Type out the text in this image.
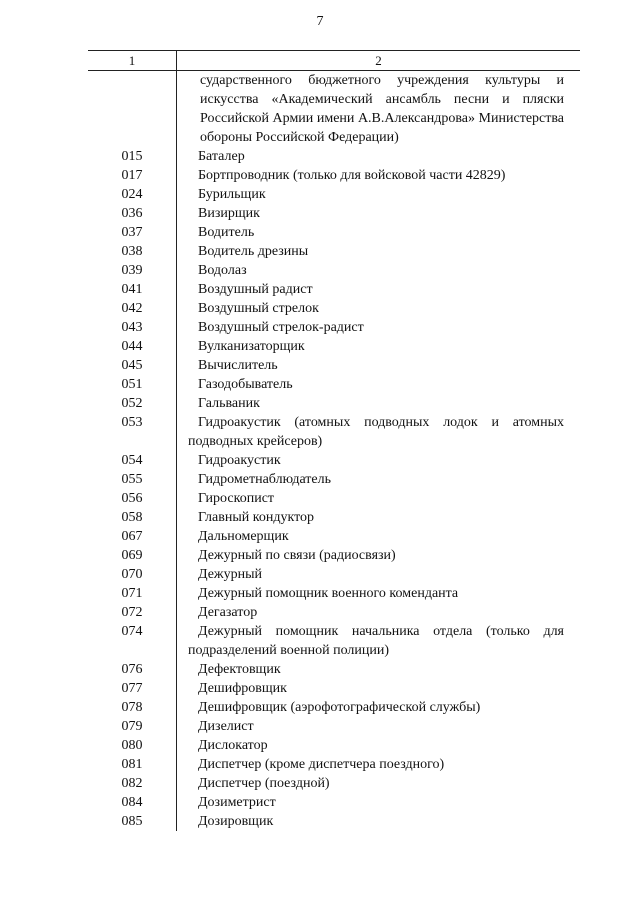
7
1	2
сударственного бюджетного учреждения культуры и искусства «Академический ансамбль песни и пляски Российской Армии имени А.В.Александрова» Министерства обороны Российской Федерации)
015	Баталер
017	Бортпроводник (только для войсковой части 42829)
024	Бурильщик
036	Визирщик
037	Водитель
038	Водитель дрезины
039	Водолаз
041	Воздушный радист
042	Воздушный стрелок
043	Воздушный стрелок-радист
044	Вулканизаторщик
045	Вычислитель
051	Газодобыватель
052	Гальваник
053	Гидроакустик (атомных подводных лодок и атомных подводных крейсеров)
054	Гидроакустик
055	Гидрометнаблюдатель
056	Гироскопист
058	Главный кондуктор
067	Дальномерщик
069	Дежурный по связи (радиосвязи)
070	Дежурный
071	Дежурный помощник военного коменданта
072	Дегазатор
074	Дежурный помощник начальника отдела (только для подразделений военной полиции)
076	Дефектовщик
077	Дешифровщик
078	Дешифровщик (аэрофотографической службы)
079	Дизелист
080	Дислокатор
081	Диспетчер (кроме диспетчера поездного)
082	Диспетчер (поездной)
084	Дозиметрист
085	Дозировщик
